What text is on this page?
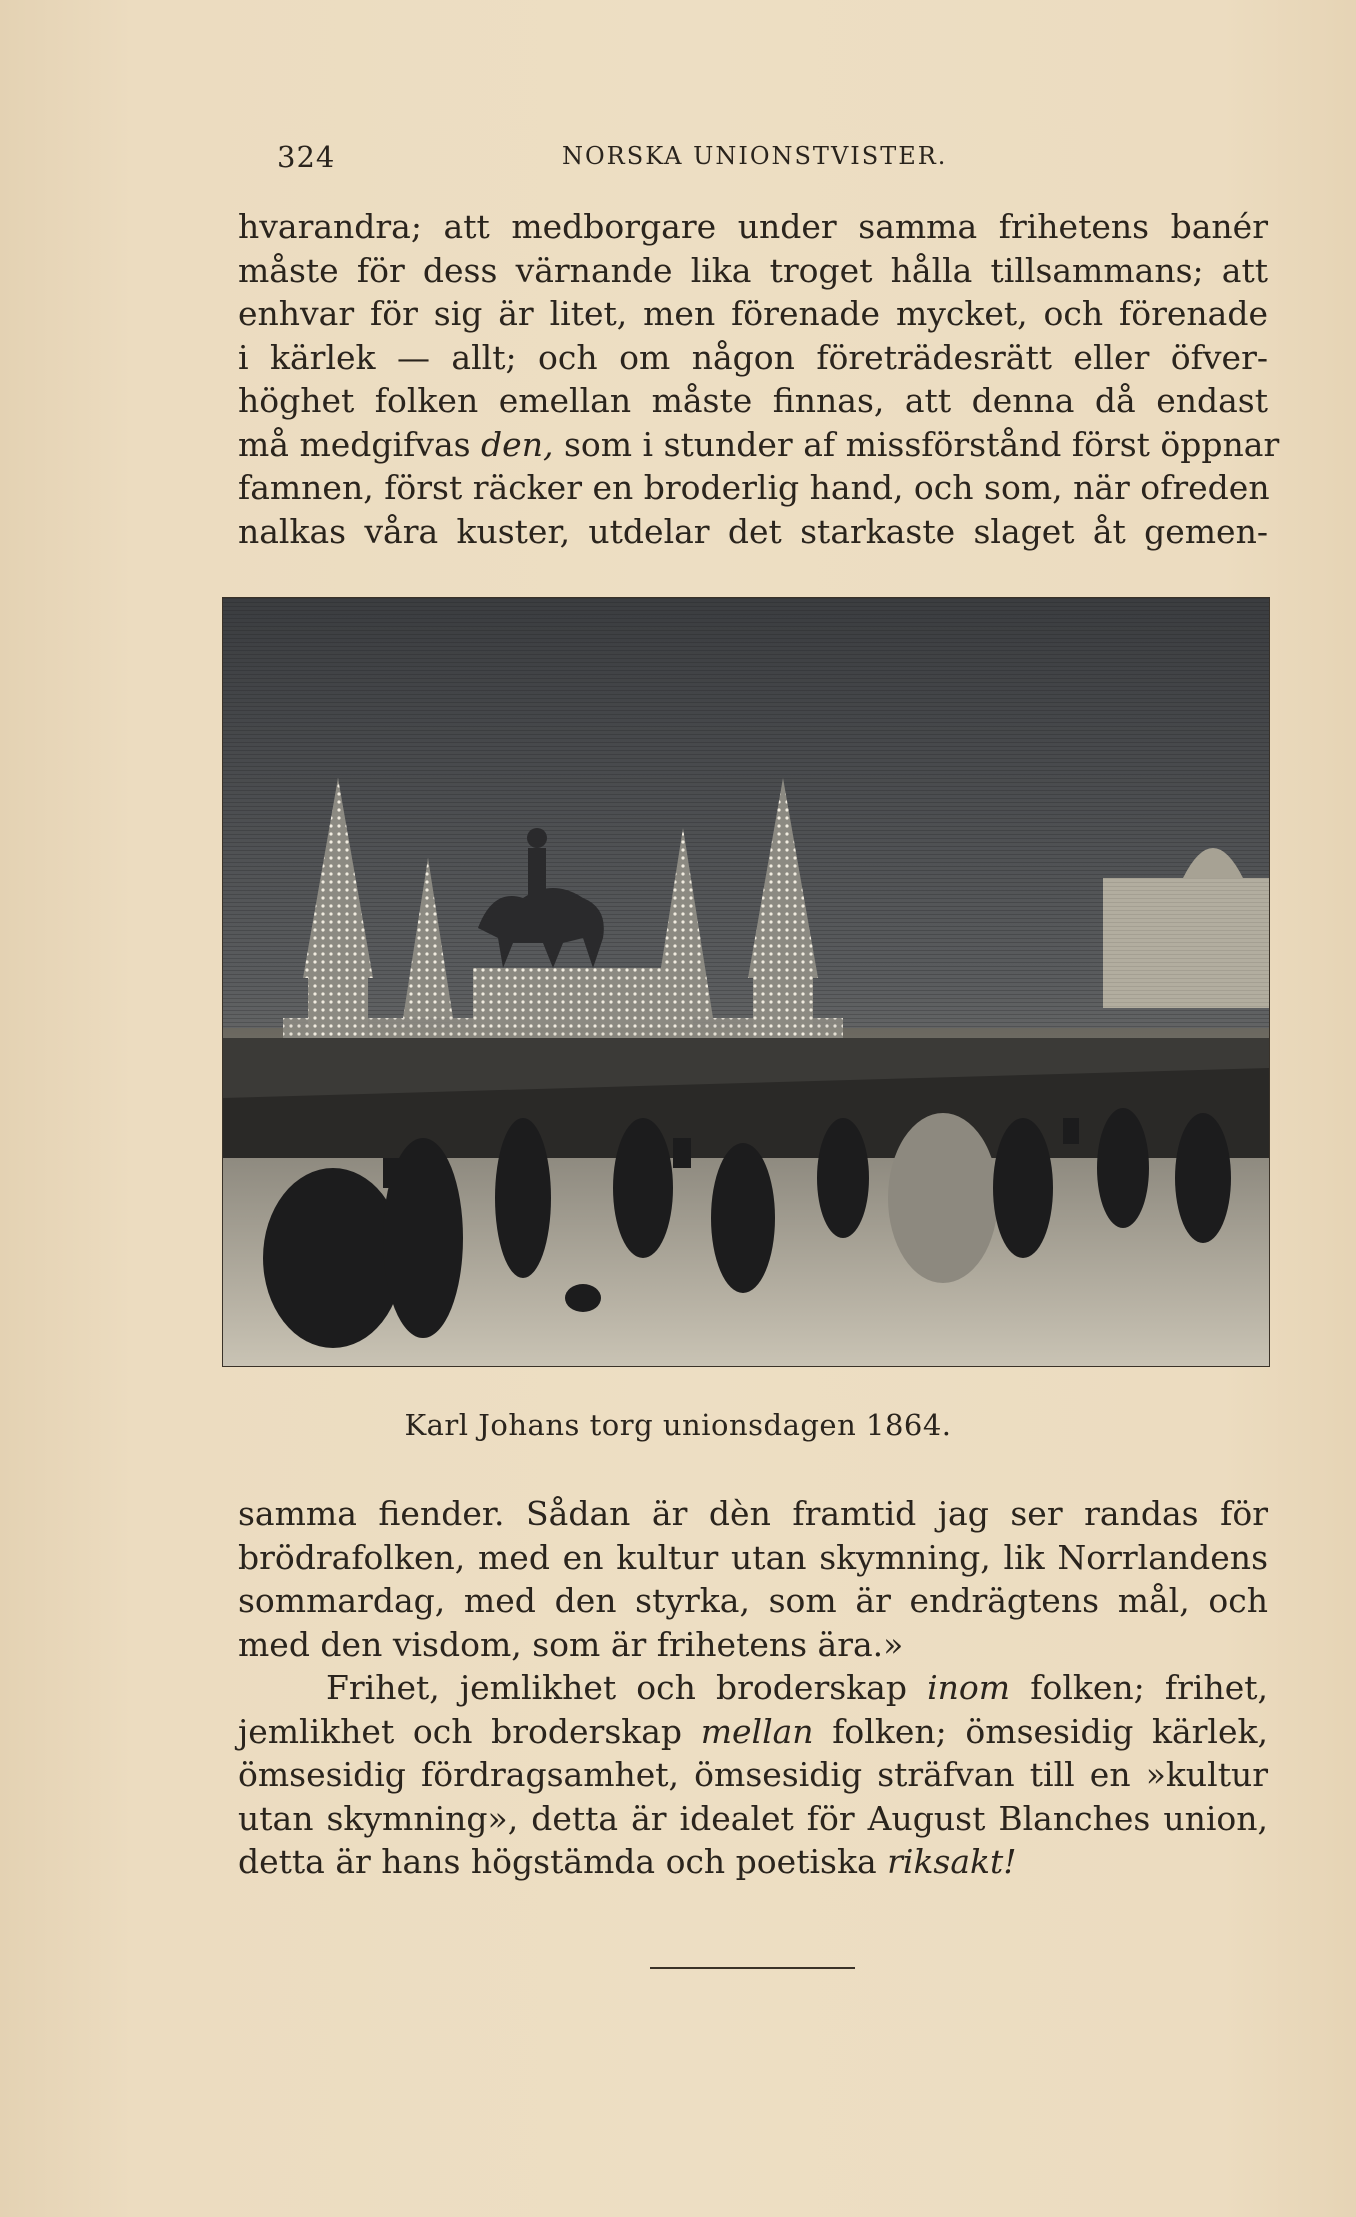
324	NORSKA UNIONSTVISTER.
hvarandra; att medborgare under samma frihetens banér
måste för dess värnande lika troget hålla tillsammans; att
enhvar för sig är litet, men förenade mycket, och förenade
i kärlek — allt; och om någon företrädesrätt eller öfver-
höghet folken emellan måste finnas, att denna då endast
må medgifvas den, som i stunder af missförstånd först öppnar
famnen, först räcker en broderlig hand, och som, när ofreden
nalkas våra kuster, utdelar det starkaste slaget åt gemen-
Karl Johans torg unionsdagen 1864.
samma fiender. Sådan är dèn framtid jag ser randas för
brödrafolken, med en kultur utan skymning, lik Norrlandens
sommardag, med den styrka, som är endrägtens mål, och
med den visdom, som är frihetens ära.»
Frihet, jemlikhet och broderskap inom folken; frihet,
jemlikhet och broderskap mellan folken; ömsesidig kärlek,
ömsesidig fördragsamhet, ömsesidig sträfvan till en »kultur
utan skymning», detta är idealet för August Blanches union,
detta är hans högstämda och poetiska riksakt!
